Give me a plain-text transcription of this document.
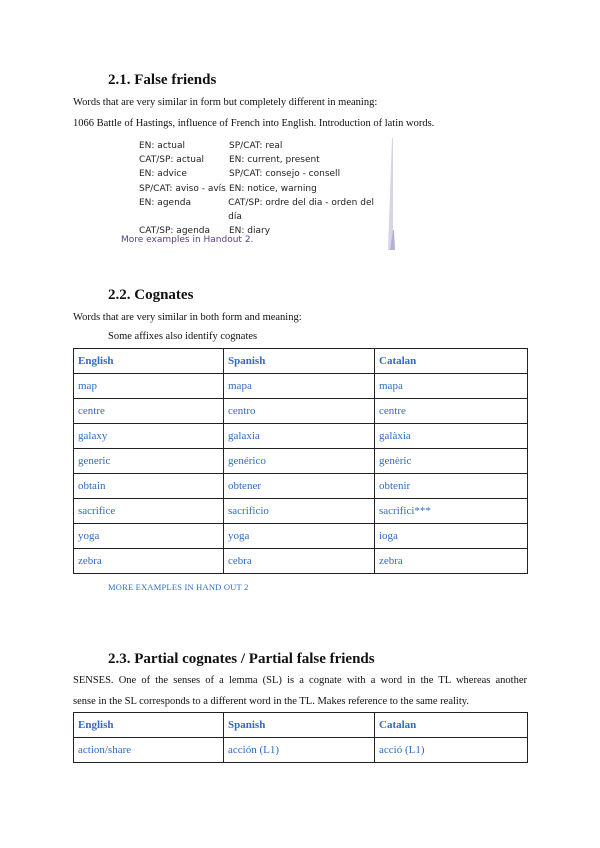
2.1. False friends
Words that are very similar in form but completely different in meaning:
1066 Battle of Hastings, influence of French into English. Introduction of latin words.
EN: actual	SP/CAT: real
CAT/SP: actual	EN: current, present
EN: advice	SP/CAT: consejo - consell
SP/CAT: aviso - avís EN: notice, warning
EN: agenda	CAT/SP: ordre del dia - orden del día
CAT/SP: agenda	EN: diary
More examples in Handout 2.
2.2. Cognates
Words that are very similar in both form and meaning:
Some affixes also identify cognates
English	Spanish	Catalan
map	mapa	mapa
centre	centro	centre
galaxy	galaxia	galàxia
generic	genérico	genèric
obtain	obtener	obtenir
sacrifice	sacrificio	sacrifici***
yoga	yoga	ioga
zebra	cebra	zebra
MORE EXAMPLES IN HAND OUT 2
2.3. Partial cognates / Partial false friends
SENSES. One of the senses of a lemma (SL) is a cognate with a word in the TL whereas another
sense in the SL corresponds to a different word in the TL. Makes reference to the same reality.
English	Spanish	Catalan
action/share	acción (L1)	acció (L1)
